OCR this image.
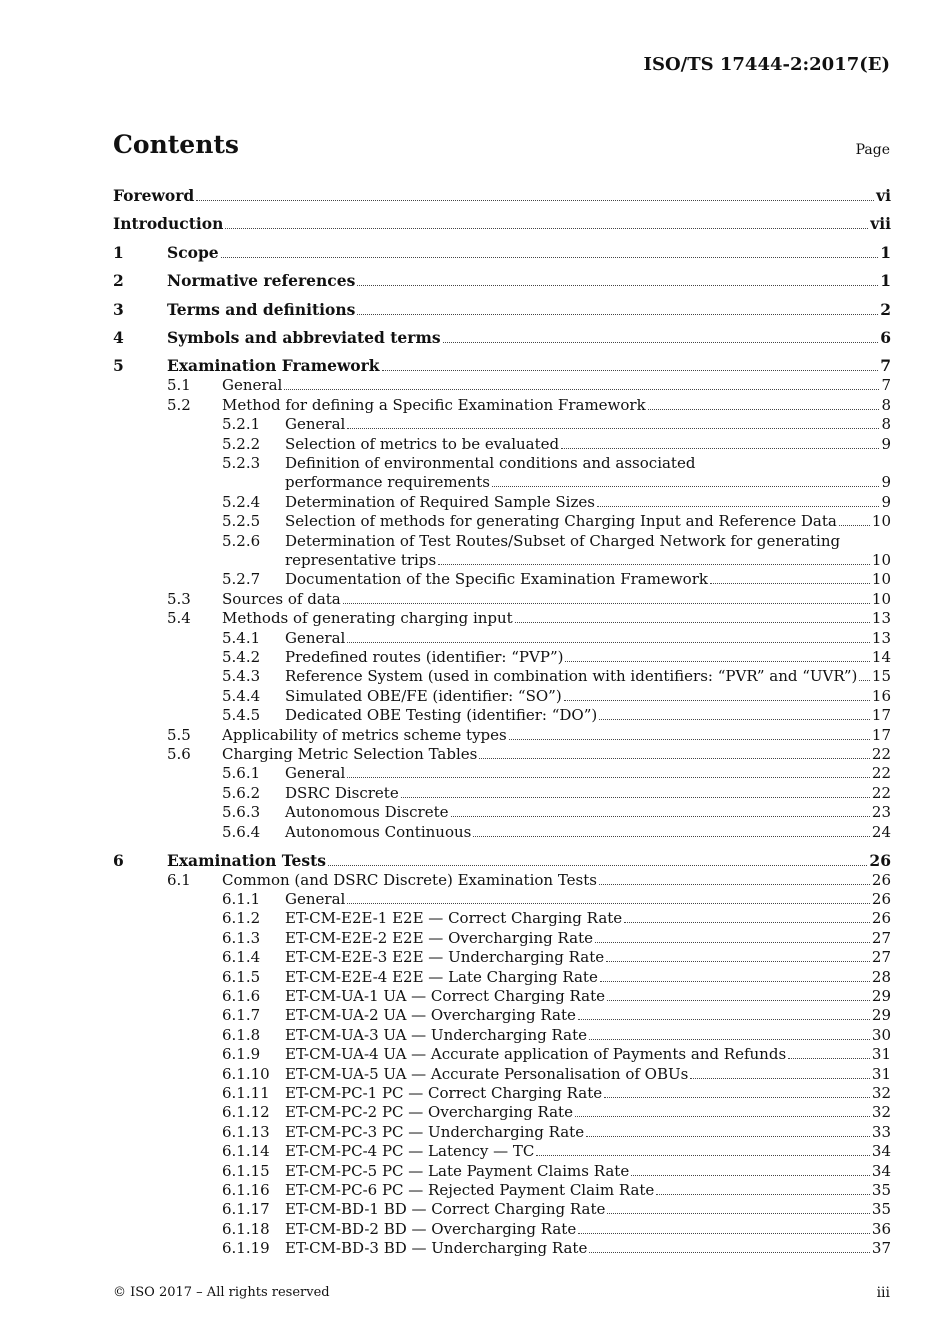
ISO/TS 17444-2:2017(E)
Contents	Page
Foreword	vi
Introduction	vii
1	Scope	1
2	Normative references	1
3	Terms and definitions	2
4	Symbols and abbreviated terms	6
5	Examination Framework	7
5.1 General	7
5.2 Method for defining a Specific Examination Framework	8
5.2.1 General	8
5.2.2 Selection of metrics to be evaluated	9
5.2.3 Definition of environmental conditions and associated
performance requirements	9
5.2.4 Determination of Required Sample Sizes	9
5.2.5 Selection of methods for generating Charging Input and Reference Data 10
5.2.6 Determination of Test Routes/Subset of Charged Network for generating
representative trips	10
5.2.7 Documentation of the Specific Examination Framework	10
5.3 Sources of data	10
5.4 Methods of generating charging input	13
5.4.1 General	13
5.4.2 Predefined routes (identifier: “PVP”)	14
5.4.3 Reference System (used in combination with identifiers: “PVR” and “UVR”) 15
5.4.4 Simulated OBE/FE (identifier: “SO”)	16
5.4.5 Dedicated OBE Testing (identifier: “DO”)	17
5.5 Applicability of metrics scheme types	17
5.6 Charging Metric Selection Tables	22
5.6.1 General	22
5.6.2 DSRC Discrete	22
5.6.3 Autonomous Discrete	23
5.6.4 Autonomous Continuous	24
6	Examination Tests	26
6.1 Common (and DSRC Discrete) Examination Tests	26
6.1.1 General	26
6.1.2 ET-CM-E2E-1 E2E — Correct Charging Rate	26
6.1.3 ET-CM-E2E-2 E2E — Overcharging Rate	27
6.1.4 ET-CM-E2E-3 E2E — Undercharging Rate	27
6.1.5 ET-CM-E2E-4 E2E — Late Charging Rate	28
6.1.6 ET-CM-UA-1 UA — Correct Charging Rate	29
6.1.7 ET-CM-UA-2 UA — Overcharging Rate	29
6.1.8 ET-CM-UA-3 UA — Undercharging Rate	30
6.1.9 ET-CM-UA-4 UA — Accurate application of Payments and Refunds	31
6.1.10 ET-CM-UA-5 UA — Accurate Personalisation of OBUs	31
6.1.11 ET-CM-PC-1 PC — Correct Charging Rate	32
6.1.12 ET-CM-PC-2 PC — Overcharging Rate	32
6.1.13 ET-CM-PC-3 PC — Undercharging Rate	33
6.1.14 ET-CM-PC-4 PC — Latency — TC	34
6.1.15 ET-CM-PC-5 PC — Late Payment Claims Rate	34
6.1.16 ET-CM-PC-6 PC — Rejected Payment Claim Rate	35
6.1.17 ET-CM-BD-1 BD — Correct Charging Rate	35
6.1.18 ET-CM-BD-2 BD — Overcharging Rate	36
6.1.19 ET-CM-BD-3 BD — Undercharging Rate	37
© ISO 2017 – All rights reserved	iii
